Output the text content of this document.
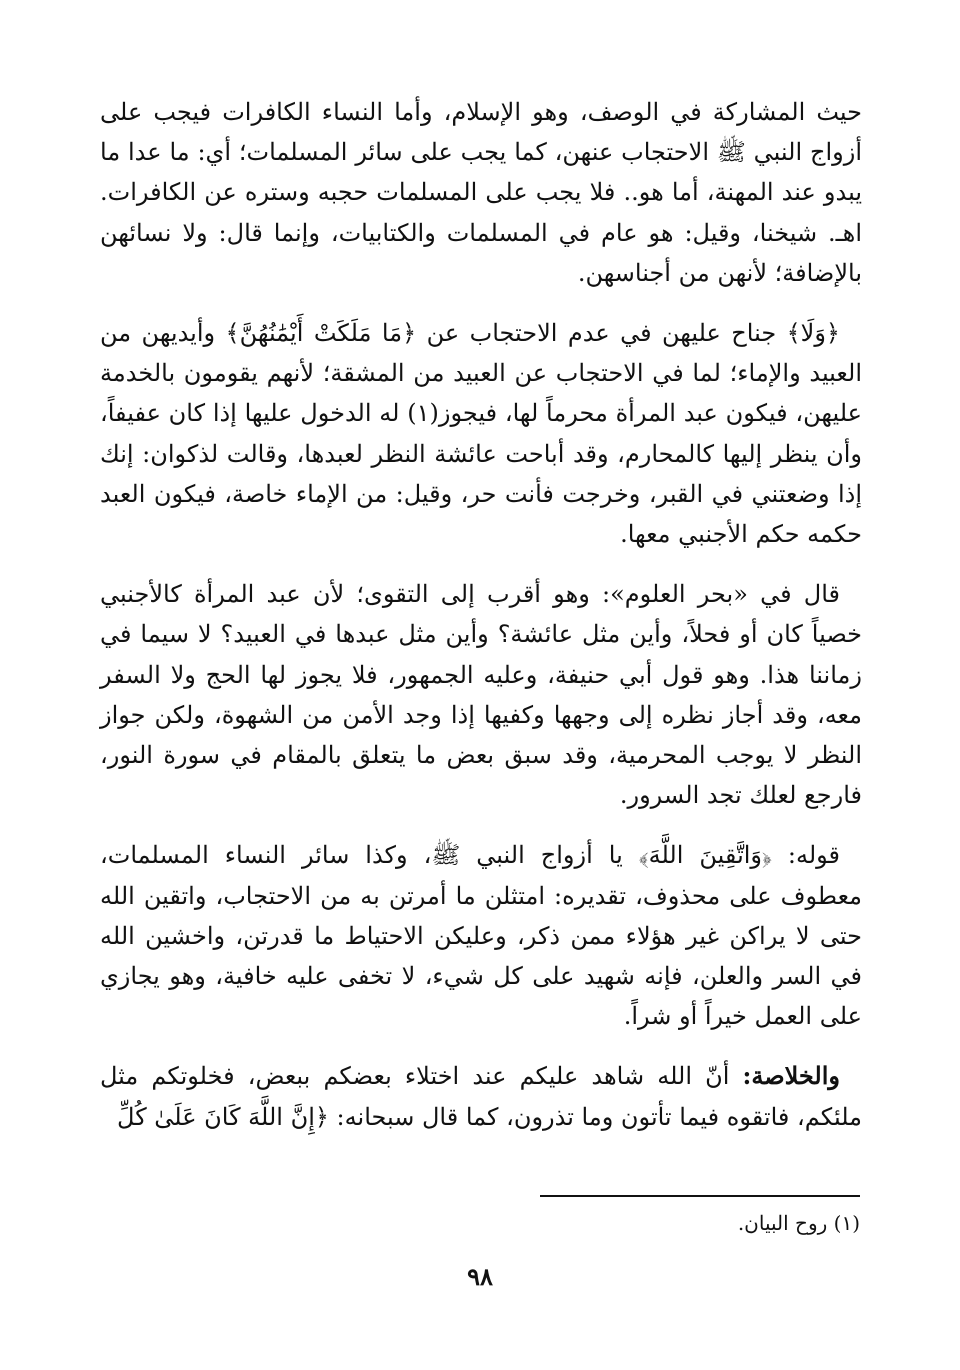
حيث المشاركة في الوصف، وهو الإسلام، وأما النساء الكافرات فيجب على أزواج النبي ﷺ الاحتجاب عنهن، كما يجب على سائر المسلمات؛ أي: ما عدا ما يبدو عند المهنة، أما هو.. فلا يجب على المسلمات حجبه وستره عن الكافرات. اهـ. شيخنا، وقيل: هو عام في المسلمات والكتابيات، وإنما قال: ولا نسائهن بالإضافة؛ لأنهن من أجناسهن.

﴿وَلَا﴾ جناح عليهن في عدم الاحتجاب عن ﴿مَا مَلَكَتْ أَيْمَٰنُهُنَّ﴾ وأيديهن من العبيد والإماء؛ لما في الاحتجاب عن العبيد من المشقة؛ لأنهم يقومون بالخدمة عليهن، فيكون عبد المرأة محرماً لها، فيجوز(١) له الدخول عليها إذا كان عفيفاً، وأن ينظر إليها كالمحارم، وقد أباحت عائشة النظر لعبدها، وقالت لذكوان: إنك إذا وضعتني في القبر، وخرجت فأنت حر، وقيل: من الإماء خاصة، فيكون العبد حكمه حكم الأجنبي معها.

قال في «بحر العلوم»: وهو أقرب إلى التقوى؛ لأن عبد المرأة كالأجنبي خصياً كان أو فحلاً، وأين مثل عائشة؟ وأين مثل عبدها في العبيد؟ لا سيما في زماننا هذا. وهو قول أبي حنيفة، وعليه الجمهور، فلا يجوز لها الحج ولا السفر معه، وقد أجاز نظره إلى وجهها وكفيها إذا وجد الأمن من الشهوة، ولكن جواز النظر لا يوجب المحرمية، وقد سبق بعض ما يتعلق بالمقام في سورة النور، فارجع لعلك تجد السرور.

قوله: ﴿وَاتَّقِينَ اللَّهَ﴾ يا أزواج النبي ﷺ، وكذا سائر النساء المسلمات، معطوف على محذوف، تقديره: امتثلن ما أمرتن به من الاحتجاب، واتقين الله حتى لا يراكن غير هؤلاء ممن ذكر، وعليكن الاحتياط ما قدرتن، واخشين الله في السر والعلن، فإنه شهيد على كل شيء، لا تخفى عليه خافية، وهو يجازي على العمل خيراً أو شراً.

والخلاصة: أنّ الله شاهد عليكم عند اختلاء بعضكم ببعض، فخلوتكم مثل ملئكم، فاتقوه فيما تأتون وما تذرون، كما قال سبحانه: ﴿إِنَّ اللَّهَ كَانَ عَلَىٰ كُلِّ

(١) روح البيان.
٩٨
